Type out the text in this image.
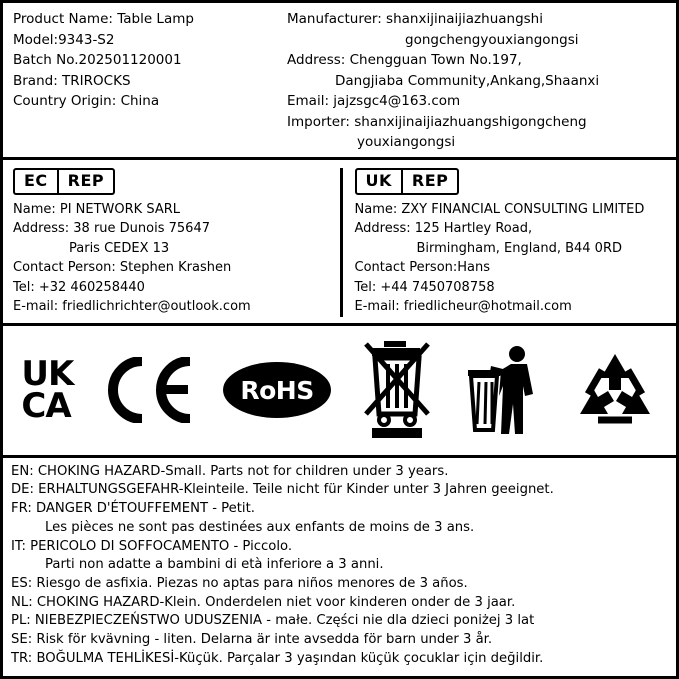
Product Name: Table Lamp
Model:9343-S2
Batch No.202501120001
Brand: TRIROCKS
Country Origin: China
Manufacturer: shanxijinaijiazhuangshi
gongchengyouxiangongsi
Address: Chengguan Town No.197,
Dangjiaba Community,Ankang,Shaanxi
Email: jajzsgc4@163.com
Importer: shanxijinaijiazhuangshigongcheng
youxiangongsi
EC	REP
Name: PI NETWORK SARL
Address: 38 rue Dunois 75647
Paris CEDEX 13
Contact Person: Stephen Krashen
Tel: +32 460258440
E-mail: friedlichrichter@outlook.com
UK	REP
Name: ZXY FINANCIAL CONSULTING LIMITED
Address: 125 Hartley Road,
Birmingham, England, B44 0RD
Contact Person:Hans
Tel: +44 7450708758
E-mail: friedlicheur@hotmail.com
UK
CA	RoHS
EN: CHOKING HAZARD-Small. Parts not for children under 3 years.
DE: ERHALTUNGSGEFAHR-Kleinteile. Teile nicht für Kinder unter 3 Jahren geeignet.
FR: DANGER D'ÉTOUFFEMENT - Petit.
Les pièces ne sont pas destinées aux enfants de moins de 3 ans.
IT: PERICOLO DI SOFFOCAMENTO - Piccolo.
Parti non adatte a bambini di età inferiore a 3 anni.
ES: Riesgo de asfixia. Piezas no aptas para niños menores de 3 años.
NL: CHOKING HAZARD-Klein. Onderdelen niet voor kinderen onder de 3 jaar.
PL: NIEBEZPIECZEŃSTWO UDUSZENIA - małe. Części nie dla dzieci poniżej 3 lat
SE: Risk för kvävning - liten. Delarna är inte avsedda för barn under 3 år.
TR: BOĞULMA TEHLİKESİ-Küçük. Parçalar 3 yaşından küçük çocuklar için değildir.
